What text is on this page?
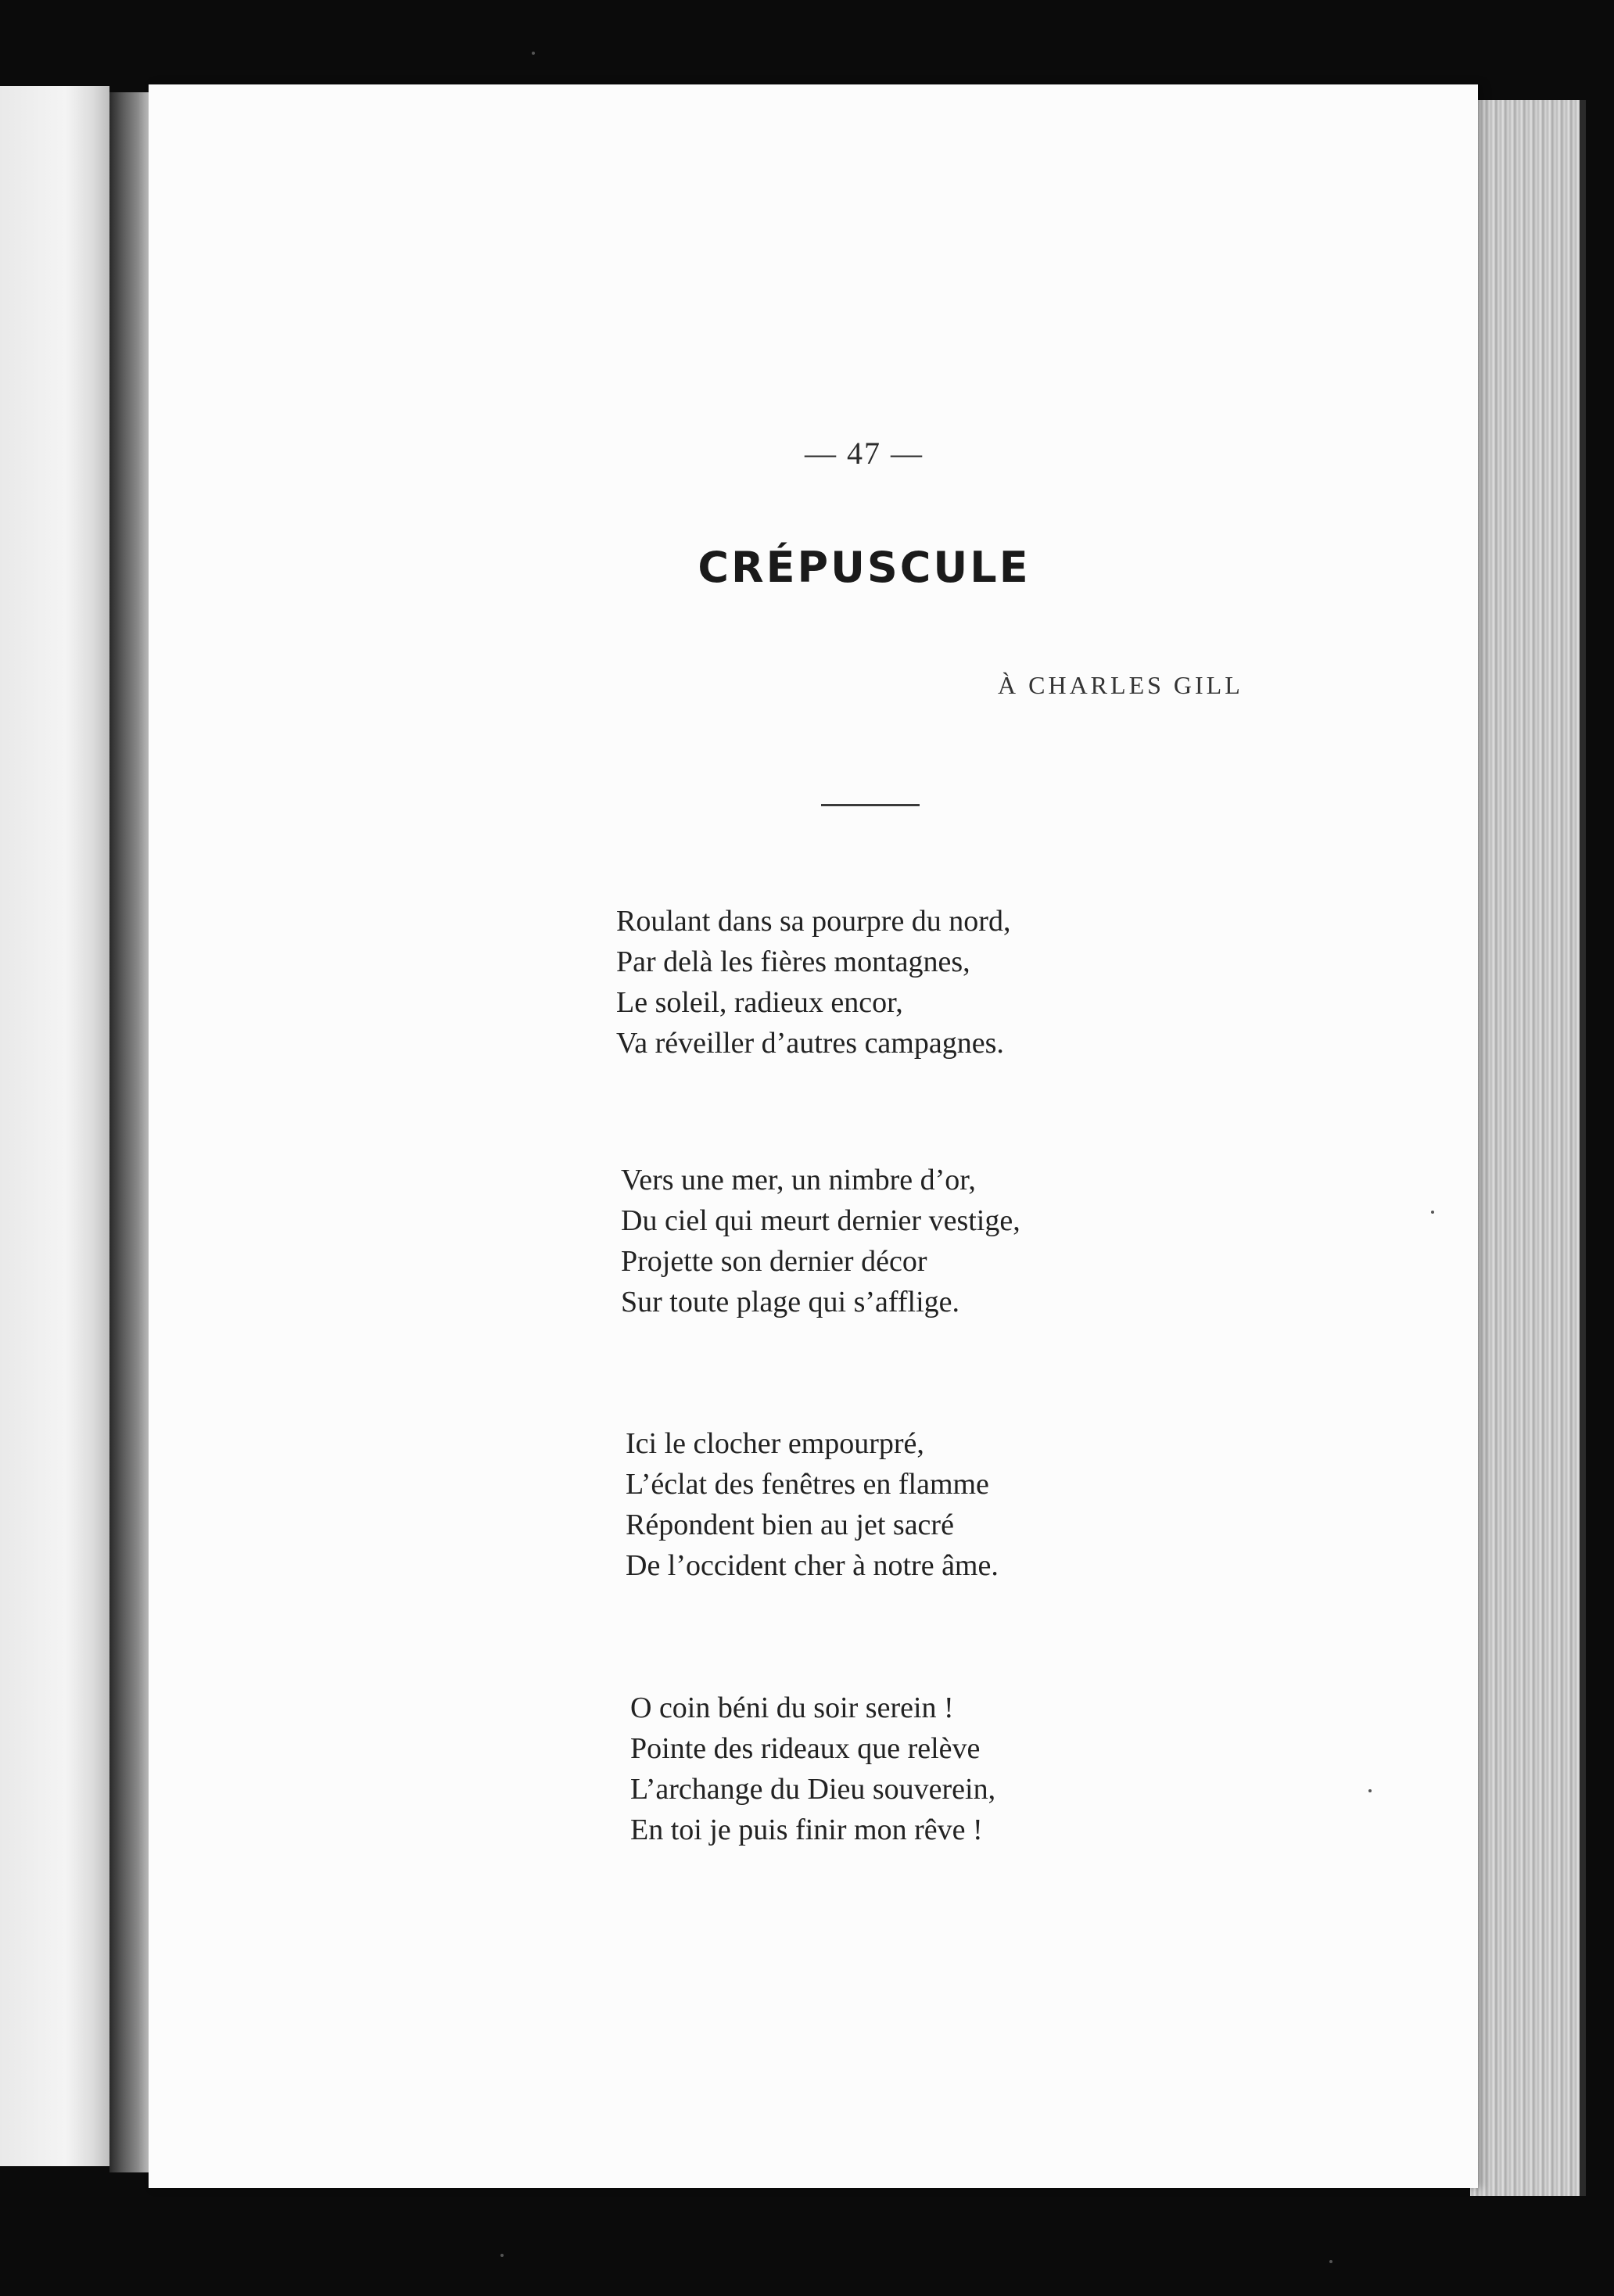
— 47 —
CRÉPUSCULE
À CHARLES GILL
Roulant dans sa pourpre du nord,
Par delà les fières montagnes,
Le soleil, radieux encor,
Va réveiller d’autres campagnes.
Vers une mer, un nimbre d’or,
Du ciel qui meurt dernier vestige,
Projette son dernier décor
Sur toute plage qui s’afflige.
Ici le clocher empourpré,
L’éclat des fenêtres en flamme
Répondent bien au jet sacré
De l’occident cher à notre âme.
O coin béni du soir serein !
Pointe des rideaux que relève
L’archange du Dieu souverein,
En toi je puis finir mon rêve !
